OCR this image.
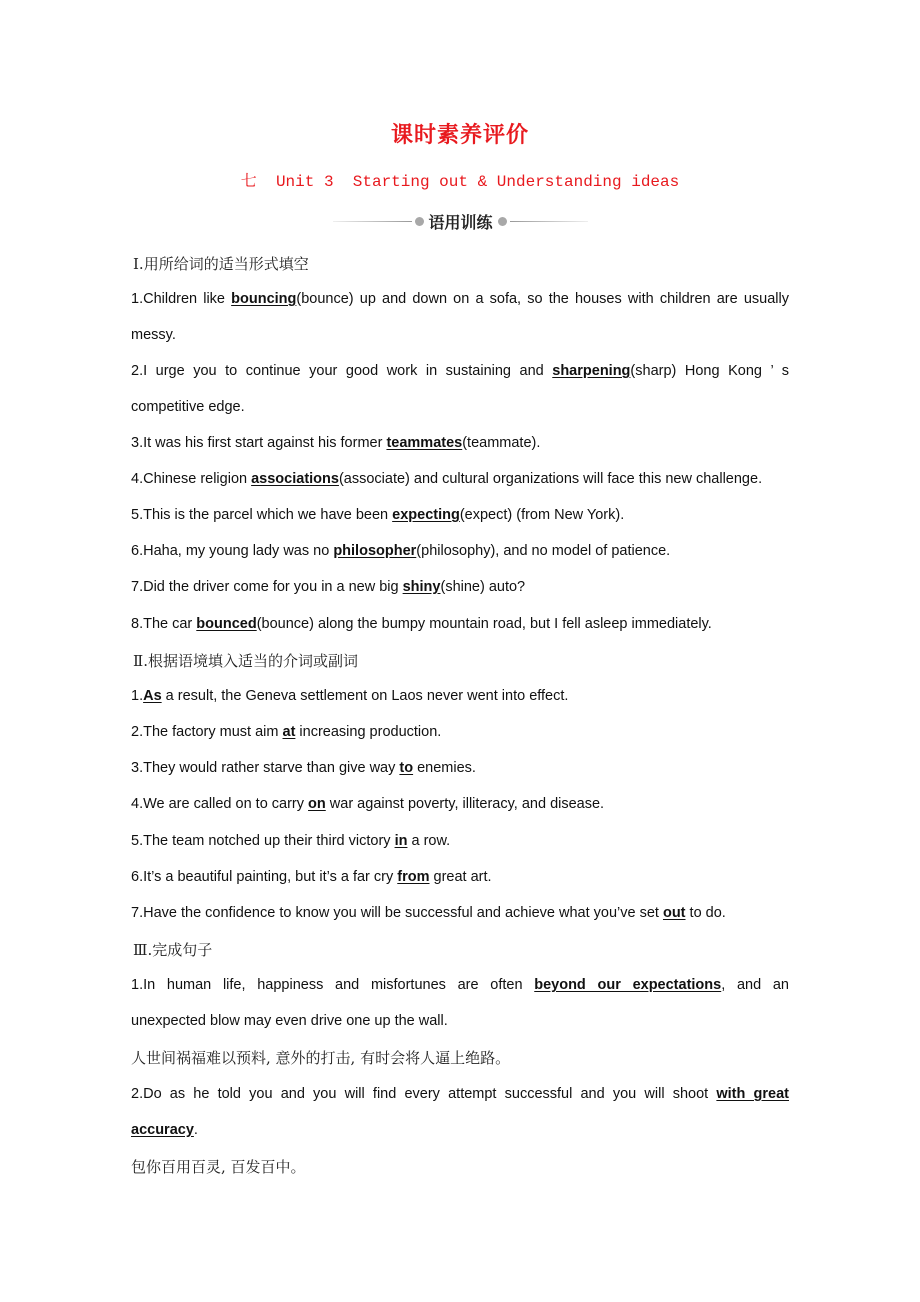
课时素养评价
七  Unit 3  Starting out & Understanding ideas
语用训练
Ⅰ.用所给词的适当形式填空
1.Children like bouncing(bounce) up and down on a sofa, so the houses with children are usually
messy.
2.I urge you to continue your good work in sustaining and sharpening(sharp) Hong Kong ’ s
competitive edge.
3.It was his first start against his former teammates(teammate).
4.Chinese religion associations(associate) and cultural organizations will face this new challenge.
5.This is the parcel which we have been expecting(expect) (from New York).
6.Haha, my young lady was no philosopher(philosophy), and no model of patience.
7.Did the driver come for you in a new big shiny(shine) auto?
8.The car bounced(bounce) along the bumpy mountain road, but I fell asleep immediately.
Ⅱ.根据语境填入适当的介词或副词
1.As a result, the Geneva settlement on Laos never went into effect.
2.The factory must aim at increasing production.
3.They would rather starve than give way to enemies.
4.We are called on to carry on war against poverty, illiteracy, and disease.
5.The team notched up their third victory in a row.
6.It’s a beautiful painting, but it’s a far cry from great art.
7.Have the confidence to know you will be successful and achieve what you’ve set out to do.
Ⅲ.完成句子
1.In human life, happiness and misfortunes are often beyond our expectations, and an
unexpected blow may even drive one up the wall.
人世间祸福难以预料, 意外的打击, 有时会将人逼上绝路。
2.Do as he told you and you will find every attempt successful and you will shoot with great
accuracy.
包你百用百灵, 百发百中。
